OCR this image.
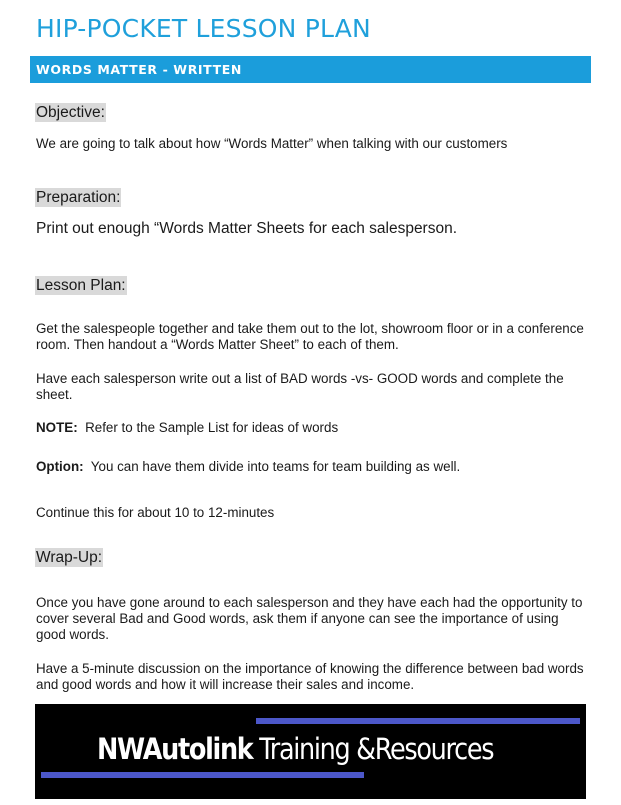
HIP-POCKET LESSON PLAN
WORDS MATTER - WRITTEN
Objective:
We are going to talk about how “Words Matter” when talking with our customers
Preparation:
Print out enough “Words Matter Sheets for each salesperson.
Lesson Plan:
Get the salespeople together and take them out to the lot, showroom floor or in a conference room. Then handout a “Words Matter Sheet” to each of them.
Have each salesperson write out a list of BAD words -vs- GOOD words and complete the sheet.
NOTE:  Refer to the Sample List for ideas of words
Option:  You can have them divide into teams for team building as well.
Continue this for about 10 to 12-minutes
Wrap-Up:
Once you have gone around to each salesperson and they have each had the opportunity to cover several Bad and Good words, ask them if anyone can see the importance of using good words.
Have a 5-minute discussion on the importance of knowing the difference between bad words and good words and how it will increase their sales and income.
NWAutolink Training &Resources
